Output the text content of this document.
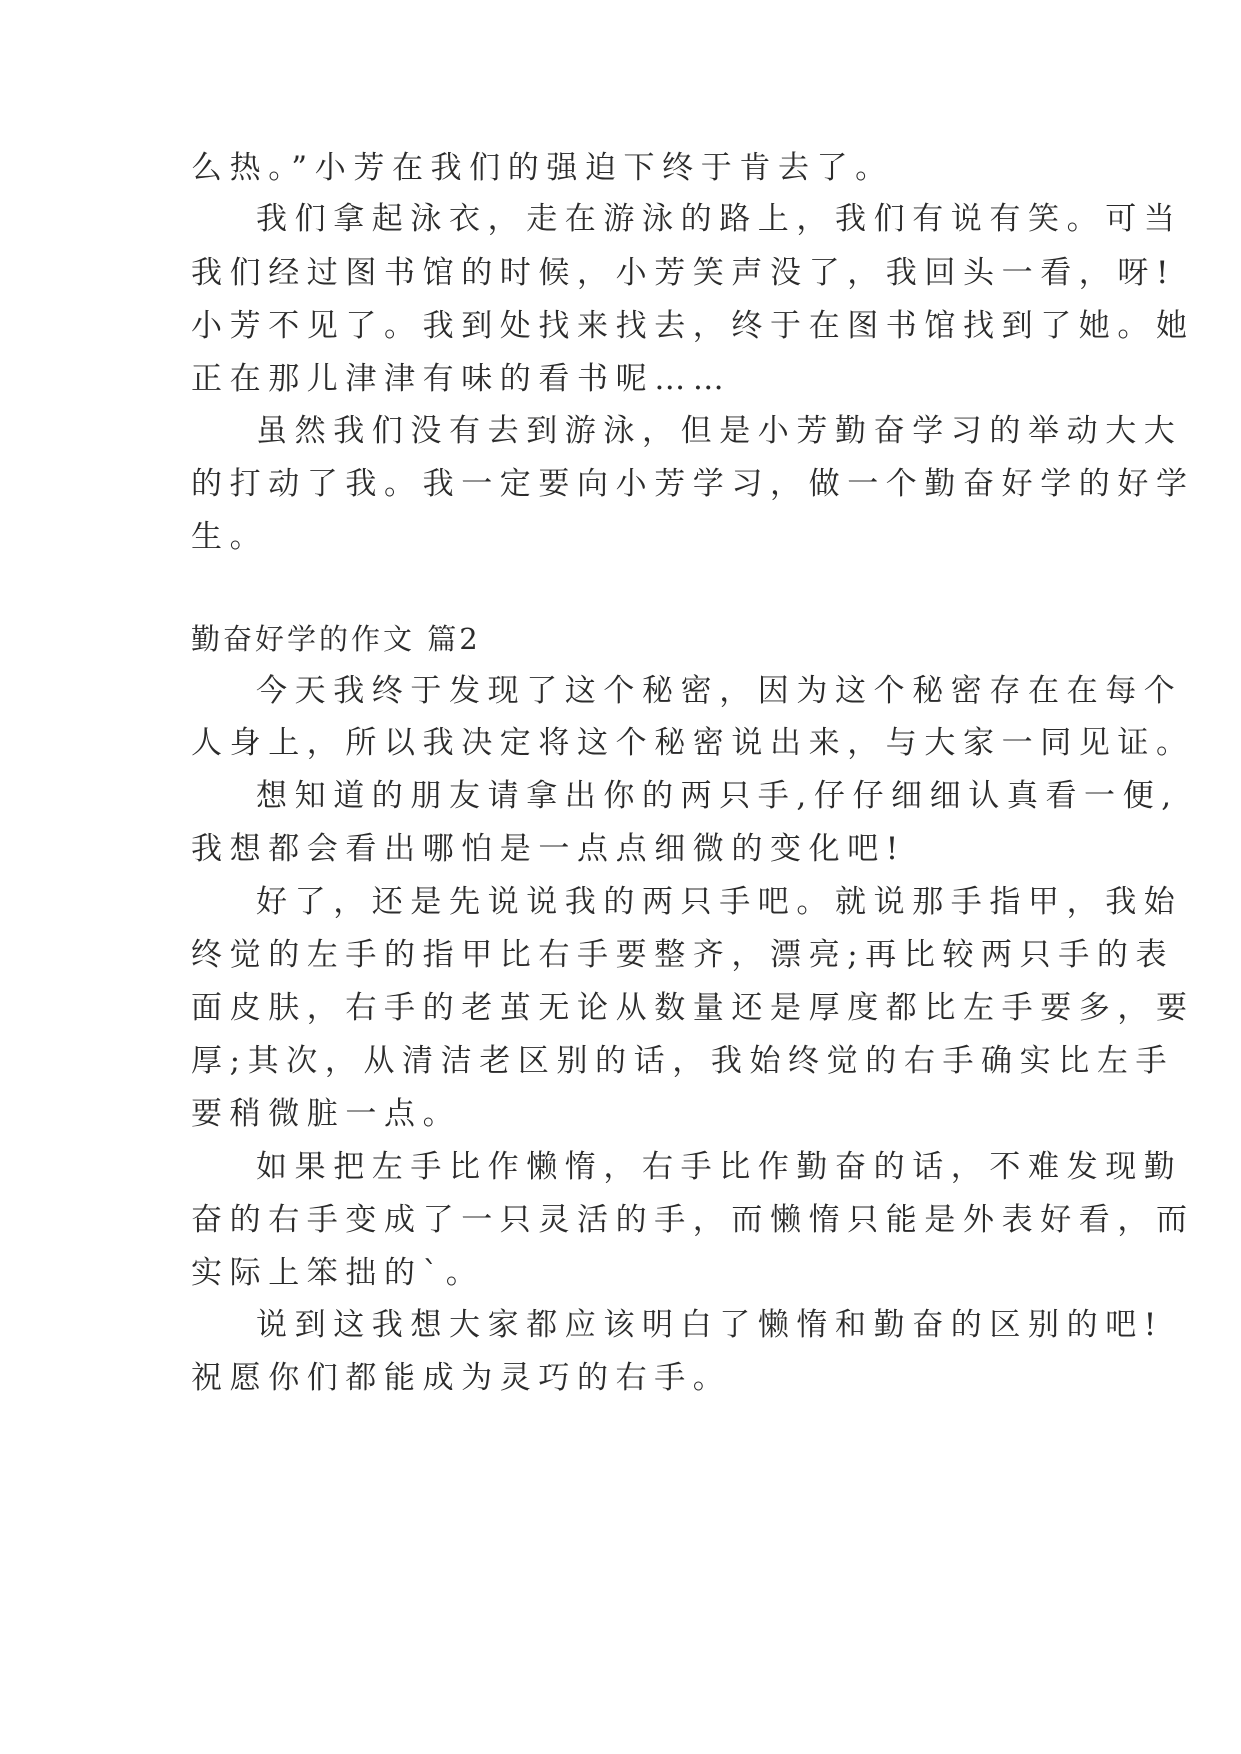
么热。”小芳在我们的强迫下终于肯去了。
我们拿起泳衣，走在游泳的路上，我们有说有笑。可当
我们经过图书馆的时候，小芳笑声没了，我回头一看，呀!
小芳不见了。我到处找来找去，终于在图书馆找到了她。她
正在那儿津津有味的看书呢……
虽然我们没有去到游泳，但是小芳勤奋学习的举动大大
的打动了我。我一定要向小芳学习，做一个勤奋好学的好学
生。
勤奋好学的作文 篇2
今天我终于发现了这个秘密，因为这个秘密存在在每个
人身上，所以我决定将这个秘密说出来，与大家一同见证。
想知道的朋友请拿出你的两只手,仔仔细细认真看一便,
我想都会看出哪怕是一点点细微的变化吧!
好了，还是先说说我的两只手吧。就说那手指甲，我始
终觉的左手的指甲比右手要整齐，漂亮;再比较两只手的表
面皮肤，右手的老茧无论从数量还是厚度都比左手要多，要
厚;其次，从清洁老区别的话，我始终觉的右手确实比左手
要稍微脏一点。
如果把左手比作懒惰，右手比作勤奋的话，不难发现勤
奋的右手变成了一只灵活的手，而懒惰只能是外表好看，而
实际上笨拙的`。
说到这我想大家都应该明白了懒惰和勤奋的区别的吧!
祝愿你们都能成为灵巧的右手。
